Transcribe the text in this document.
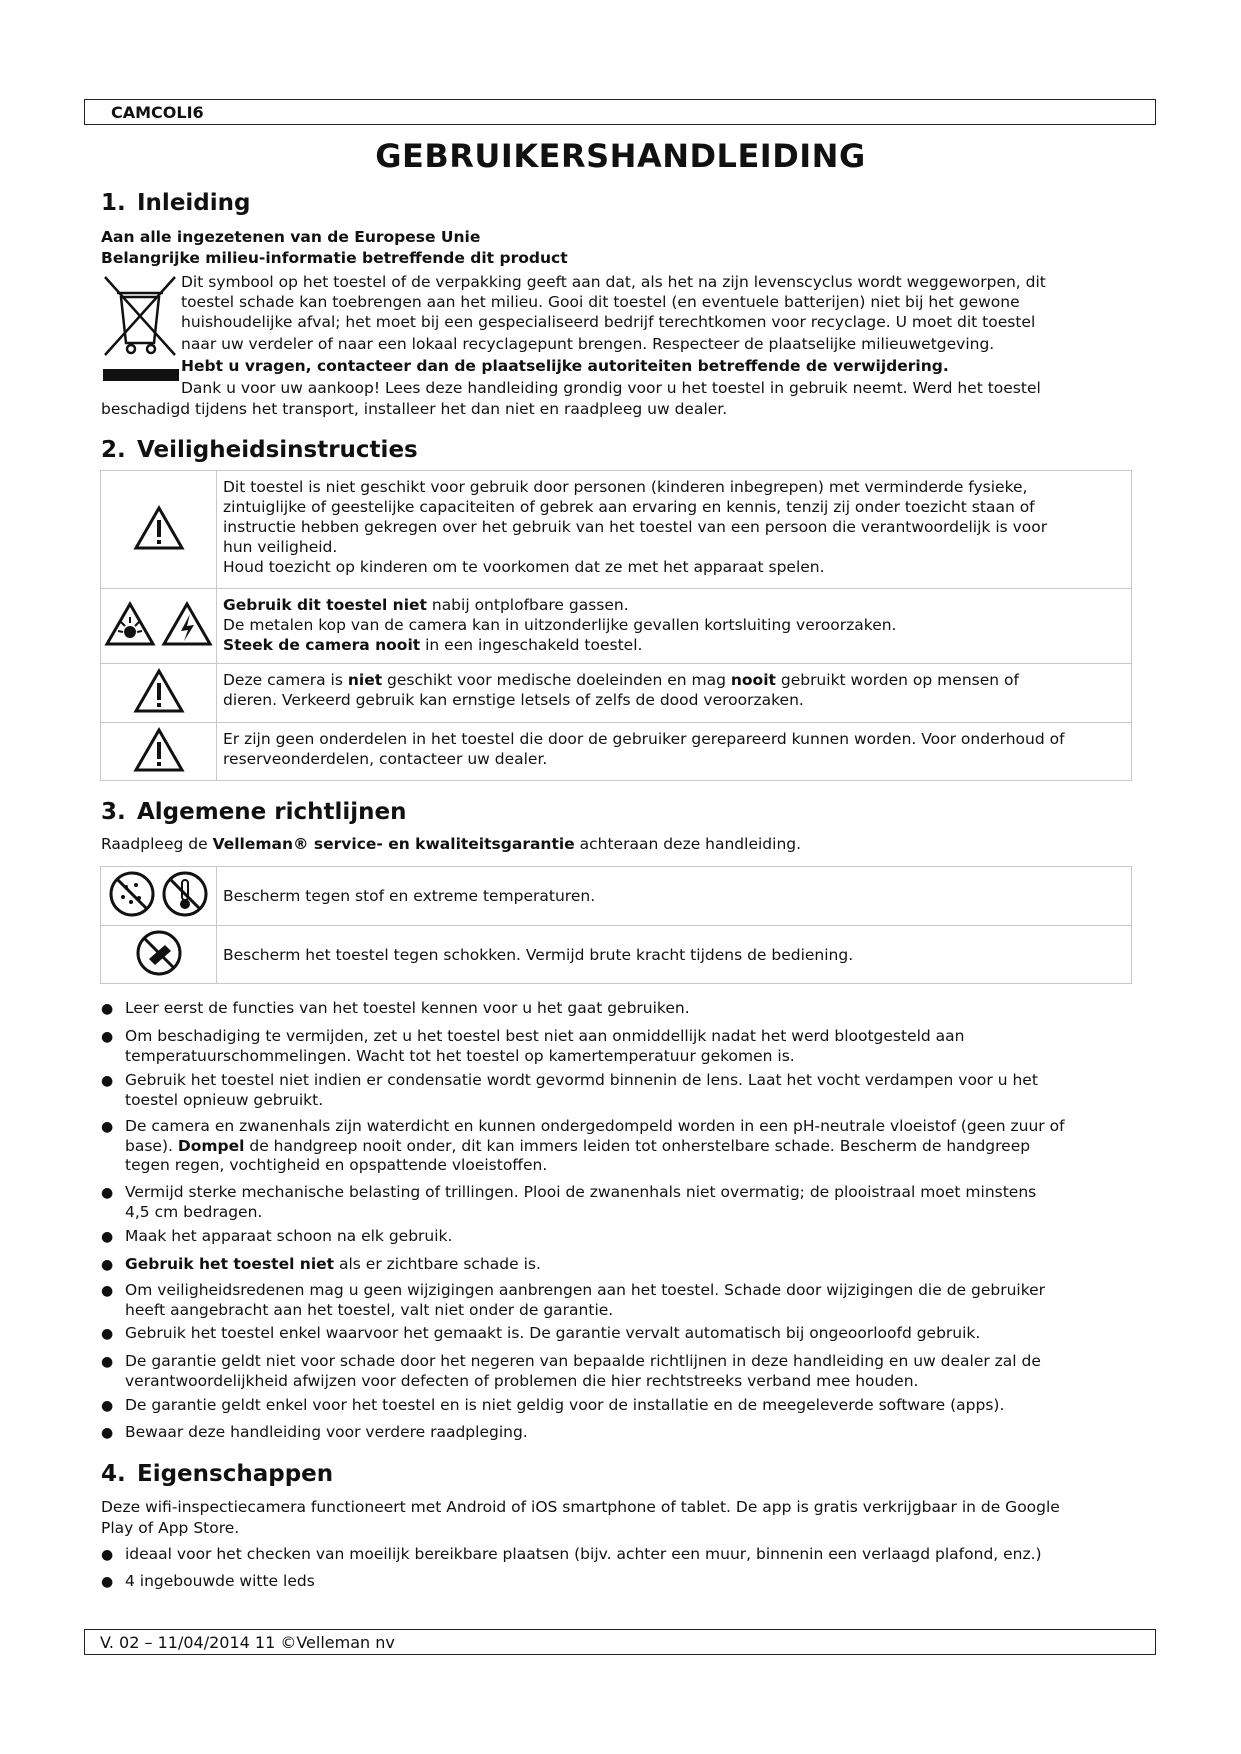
CAMCOLI6
GEBRUIKERSHANDLEIDING
1. Inleiding
Aan alle ingezetenen van de Europese Unie
Belangrijke milieu-informatie betreffende dit product
Dit symbool op het toestel of de verpakking geeft aan dat, als het na zijn levenscyclus wordt weggeworpen, dit
toestel schade kan toebrengen aan het milieu. Gooi dit toestel (en eventuele batterijen) niet bij het gewone
huishoudelijke afval; het moet bij een gespecialiseerd bedrijf terechtkomen voor recyclage. U moet dit toestel
naar uw verdeler of naar een lokaal recyclagepunt brengen. Respecteer de plaatselijke milieuwetgeving.
Hebt u vragen, contacteer dan de plaatselijke autoriteiten betreffende de verwijdering.
Dank u voor uw aankoop! Lees deze handleiding grondig voor u het toestel in gebruik neemt. Werd het toestel
beschadigd tijdens het transport, installeer het dan niet en raadpleeg uw dealer.
2. Veiligheidsinstructies

Dit toestel is niet geschikt voor gebruik door personen (kinderen inbegrepen) met verminderde fysieke,
zintuiglijke of geestelijke capaciteiten of gebrek aan ervaring en kennis, tenzij zij onder toezicht staan of
instructie hebben gekregen over het gebruik van het toestel van een persoon die verantwoordelijk is voor
hun veiligheid.
Houd toezicht op kinderen om te voorkomen dat ze met het apparaat spelen.

Gebruik dit toestel niet nabij ontplofbare gassen.
De metalen kop van de camera kan in uitzonderlijke gevallen kortsluiting veroorzaken.
Steek de camera nooit in een ingeschakeld toestel.

Deze camera is niet geschikt voor medische doeleinden en mag nooit gebruikt worden op mensen of
dieren. Verkeerd gebruik kan ernstige letsels of zelfs de dood veroorzaken.

Er zijn geen onderdelen in het toestel die door de gebruiker gerepareerd kunnen worden. Voor onderhoud of
reserveonderdelen, contacteer uw dealer.
3. Algemene richtlijnen
Raadpleeg de Velleman® service- en kwaliteitsgarantie achteraan deze handleiding.

Bescherm tegen stof en extreme temperaturen.

Bescherm het toestel tegen schokken. Vermijd brute kracht tijdens de bediening.
● Leer eerst de functies van het toestel kennen voor u het gaat gebruiken.
● Om beschadiging te vermijden, zet u het toestel best niet aan onmiddellijk nadat het werd blootgesteld aan
temperatuurschommelingen. Wacht tot het toestel op kamertemperatuur gekomen is.
● Gebruik het toestel niet indien er condensatie wordt gevormd binnenin de lens. Laat het vocht verdampen voor u het
toestel opnieuw gebruikt.
● De camera en zwanenhals zijn waterdicht en kunnen ondergedompeld worden in een pH-neutrale vloeistof (geen zuur of
base). Dompel de handgreep nooit onder, dit kan immers leiden tot onherstelbare schade. Bescherm de handgreep
tegen regen, vochtigheid en opspattende vloeistoffen.
● Vermijd sterke mechanische belasting of trillingen. Plooi de zwanenhals niet overmatig; de plooistraal moet minstens
4,5 cm bedragen.
● Maak het apparaat schoon na elk gebruik.
● Gebruik het toestel niet als er zichtbare schade is.
● Om veiligheidsredenen mag u geen wijzigingen aanbrengen aan het toestel. Schade door wijzigingen die de gebruiker
heeft aangebracht aan het toestel, valt niet onder de garantie.
● Gebruik het toestel enkel waarvoor het gemaakt is. De garantie vervalt automatisch bij ongeoorloofd gebruik.
● De garantie geldt niet voor schade door het negeren van bepaalde richtlijnen in deze handleiding en uw dealer zal de
verantwoordelijkheid afwijzen voor defecten of problemen die hier rechtstreeks verband mee houden.
● De garantie geldt enkel voor het toestel en is niet geldig voor de installatie en de meegeleverde software (apps).
● Bewaar deze handleiding voor verdere raadpleging.
4. Eigenschappen
Deze wifi-inspectiecamera functioneert met Android of iOS smartphone of tablet. De app is gratis verkrijgbaar in de Google
Play of App Store.
● ideaal voor het checken van moeilijk bereikbare plaatsen (bijv. achter een muur, binnenin een verlaagd plafond, enz.)
● 4 ingebouwde witte leds
V. 02 – 11/04/2014 11 ©Velleman nv
